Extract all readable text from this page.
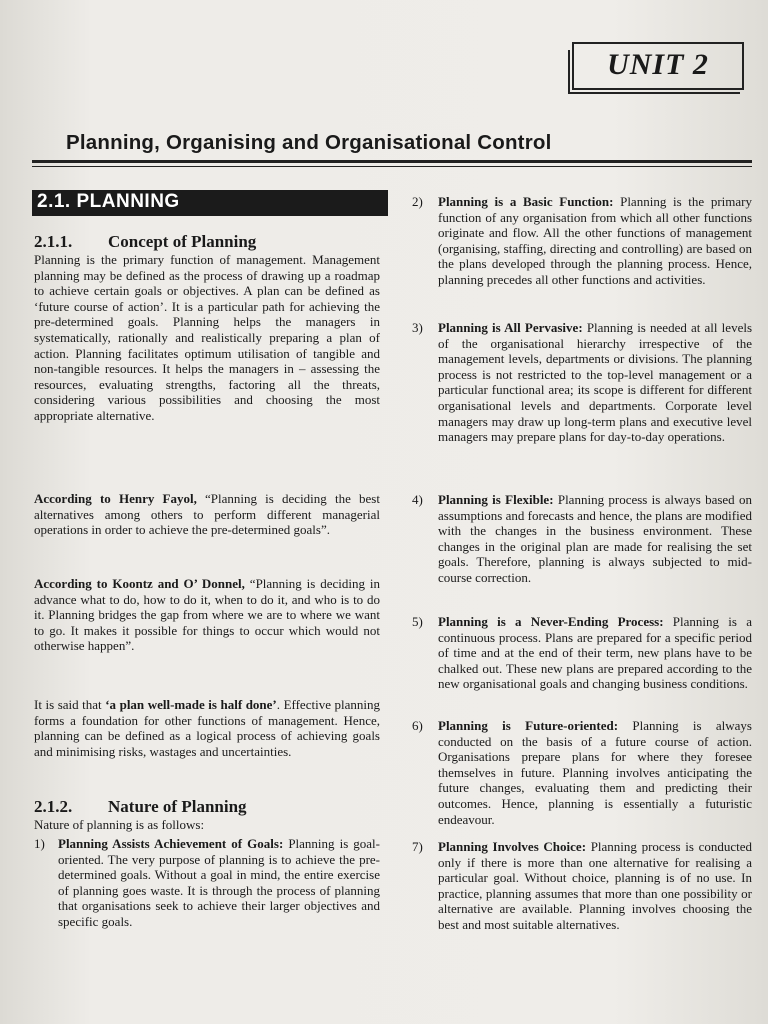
UNIT 2
Planning, Organising and Organisational Control
2.1. PLANNING
2.1.1. Concept of Planning

Planning is the primary function of management. Management planning may be defined as the process of drawing up a roadmap to achieve certain goals or objectives. A plan can be defined as ‘future course of action’. It is a particular path for achieving the pre-determined goals. Planning helps the managers in systematically, rationally and realistically preparing a plan of action. Planning facilitates optimum utilisation of tangible and non-tangible resources. It helps the managers in – assessing the resources, evaluating strengths, factoring all the threats, considering various possibilities and choosing the most appropriate alternative.

According to Henry Fayol, “Planning is deciding the best alternatives among others to perform different managerial operations in order to achieve the pre-determined goals”.

According to Koontz and O’ Donnel, “Planning is deciding in advance what to do, how to do it, when to do it, and who is to do it. Planning bridges the gap from where we are to where we want to go. It makes it possible for things to occur which would not otherwise happen”.

It is said that ‘a plan well-made is half done’. Effective planning forms a foundation for other functions of management. Hence, planning can be defined as a logical process of achieving goals and minimising risks, wastages and uncertainties.

2.1.2. Nature of Planning

Nature of planning is as follows:

1) Planning Assists Achievement of Goals: Planning is goal-oriented. The very purpose of planning is to achieve the pre-determined goals. Without a goal in mind, the entire exercise of planning goes waste. It is through the process of planning that organisations seek to achieve their larger objectives and specific goals.
2)	Planning is a Basic Function: Planning is the primary function of any organisation from which all other functions originate and flow. All the other functions of management (organising, staffing, directing and controlling) are based on the plans developed through the planning process. Hence, planning precedes all other functions and activities.
3)	Planning is All Pervasive: Planning is needed at all levels of the organisational hierarchy irrespective of the management levels, departments or divisions. The planning process is not restricted to the top-level management or a particular functional area; its scope is different for different organisational levels and departments. Corporate level managers may draw up long-term plans and executive level managers may prepare plans for day-to-day operations.
4)	Planning is Flexible: Planning process is always based on assumptions and forecasts and hence, the plans are modified with the changes in the business environment. These changes in the original plan are made for realising the set goals. Therefore, planning is always subjected to mid-course correction.
5)	Planning is a Never-Ending Process: Planning is a continuous process. Plans are prepared for a specific period of time and at the end of their term, new plans have to be chalked out. These new plans are prepared according to the new organisational goals and changing business conditions.
6)	Planning is Future-oriented: Planning is always conducted on the basis of a future course of action. Organisations prepare plans for where they foresee themselves in future. Planning involves anticipating the future changes, evaluating them and predicting their outcomes. Hence, planning is essentially a futuristic endeavour.
7)	Planning Involves Choice: Planning process is conducted only if there is more than one alternative for realising a particular goal. Without choice, planning is of no use. In practice, planning assumes that more than one possibility or alternative are available. Planning involves choosing the best and most suitable alternatives.
